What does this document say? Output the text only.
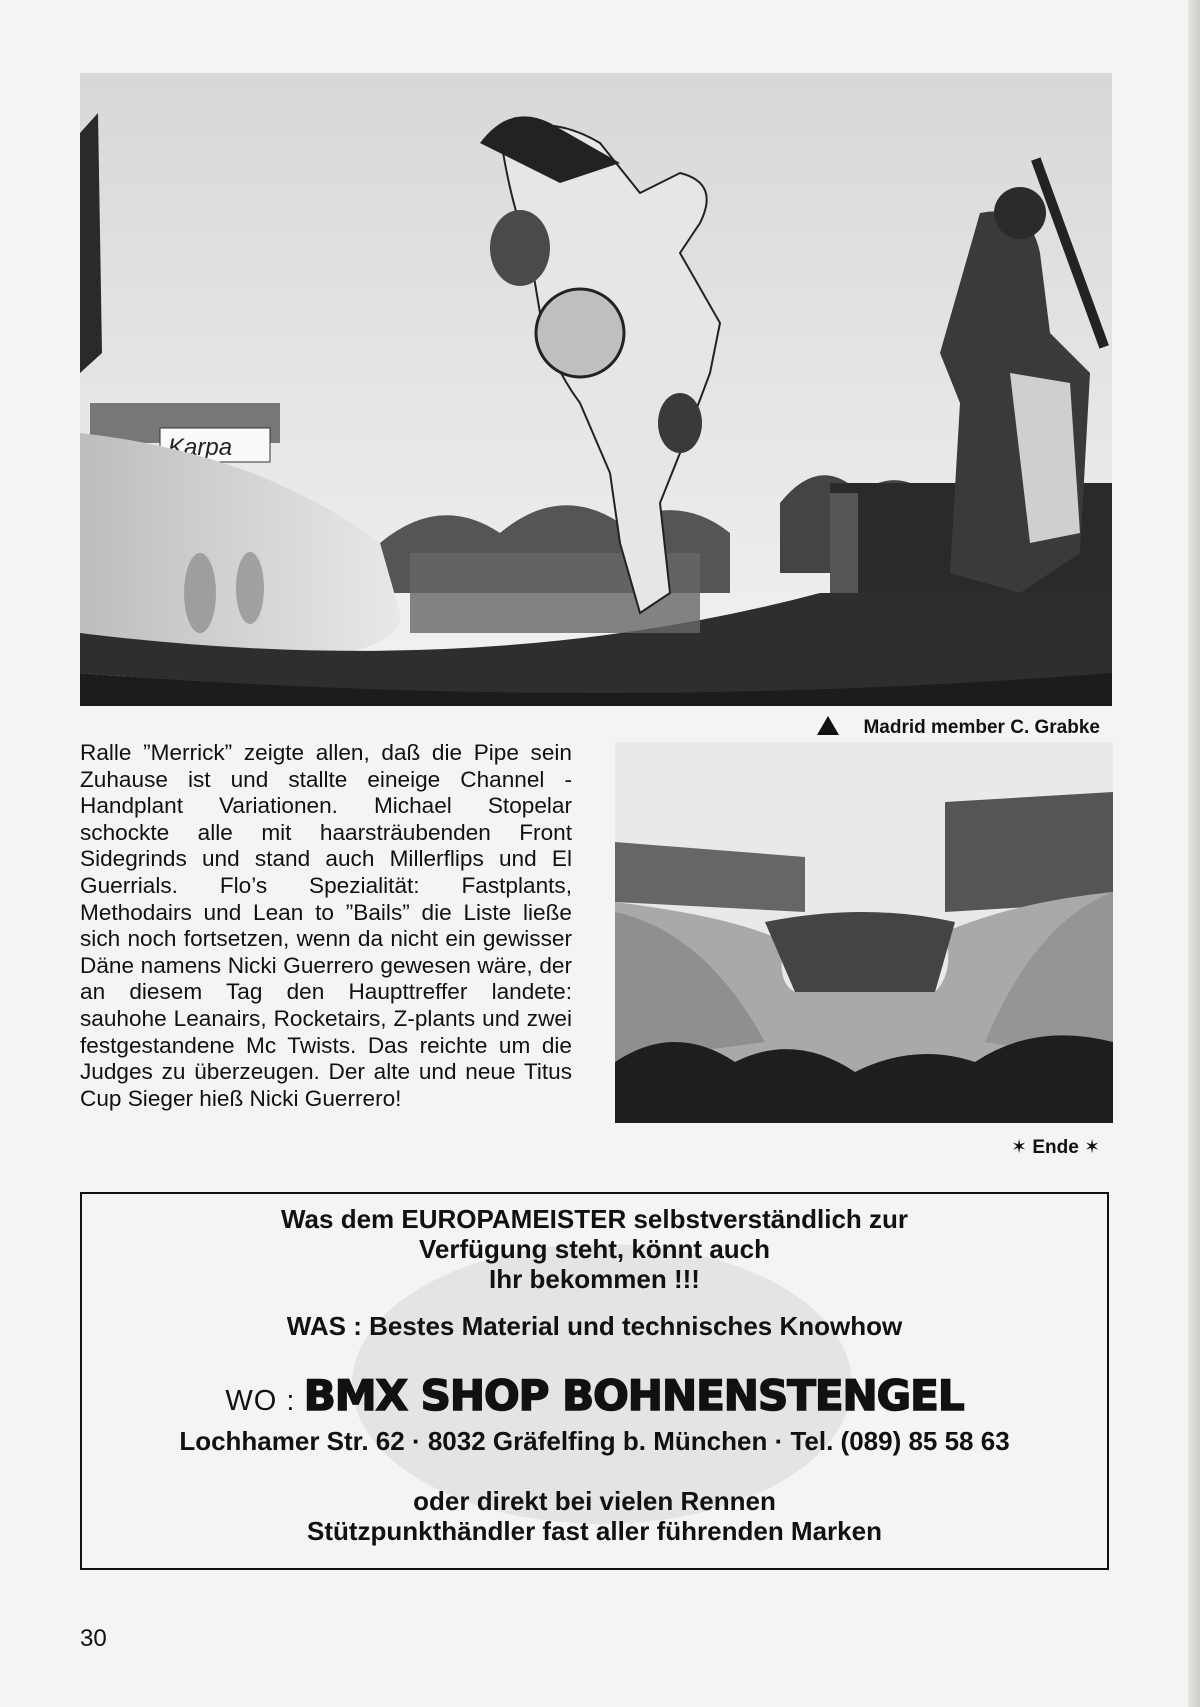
Karpa
Madrid member C. Grabke

Ralle ”Merrick” zeigte allen, daß die Pipe sein Zuhause ist und stallte eineige Channel - Handplant Variationen. Michael Stopelar schockte alle mit haarsträubenden Front Sidegrinds und stand auch Millerflips und El Guerrials. Flo’s Spezialität: Fastplants, Methodairs und Lean to ”Bails” die Liste ließe sich noch fortsetzen, wenn da nicht ein gewisser Däne namens Nicki Guerrero gewesen wäre, der an diesem Tag den Haupttreffer landete: sauhohe Leanairs, Rocketairs, Z-plants und zwei festgestandene Mc Twists. Das reichte um die Judges zu überzeugen. Der alte und neue Titus Cup Sieger hieß Nicki Guerrero!

✶ Ende ✶
Was dem EUROPAMEISTER selbstverständlich zur
Verfügung steht, könnt auch
Ihr bekommen !!!
WAS : Bestes Material und technisches Knowhow
WO : BMX SHOP BOHNENSTENGEL
Lochhamer Str. 62 · 8032 Gräfelfing b. München · Tel. (089) 85 58 63
oder direkt bei vielen Rennen
Stützpunkthändler fast aller führenden Marken
30
